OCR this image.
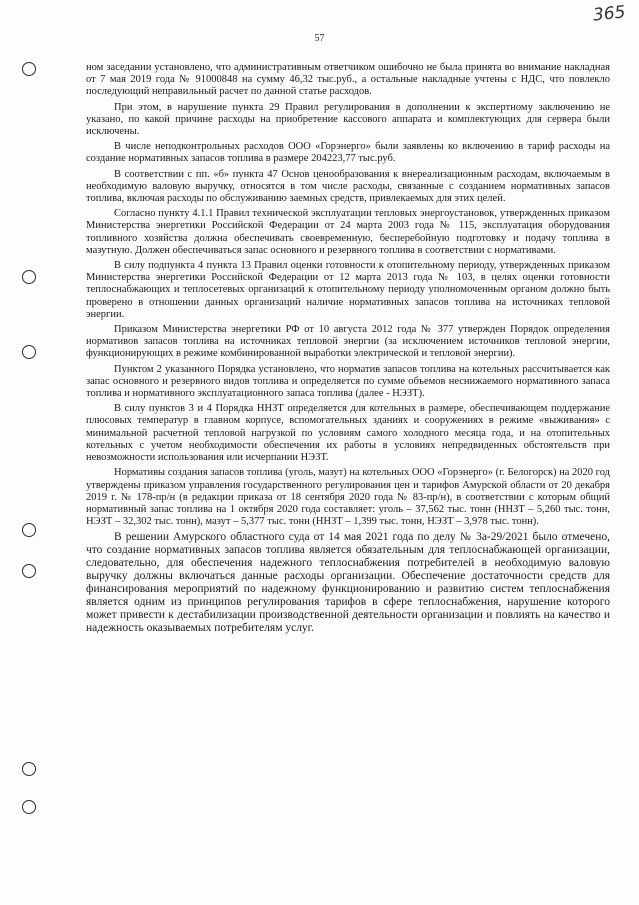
57
365

ном заседании установлено, что административным ответчиком ошибочно не была принята во внимание накладная от 7 мая 2019 года № 91000848 на сумму 46,32 тыс.руб., а остальные накладные учтены с НДС, что повлекло последующий неправильный расчет по данной статье расходов.

При этом, в нарушение пункта 29 Правил регулирования в дополнении к экспертному заключению не указано, по какой причине расходы на приобретение кассового аппарата и комплектующих для сервера были исключены.

В числе неподконтрольных расходов ООО «Горэнерго» были заявлены ко включению в тариф расходы на создание нормативных запасов топлива в размере 204223,77 тыс.руб.

В соответствии с пп. «б» пункта 47 Основ ценообразования к внереализационным расходам, включаемым в необходимую валовую выручку, относятся в том числе расходы, связанные с созданием нормативных запасов топлива, включая расходы по обслуживанию заемных средств, привлекаемых для этих целей.

Согласно пункту 4.1.1 Правил технической эксплуатации тепловых энергоустановок, утвержденных приказом Министерства энергетики Российской Федерации от 24 марта 2003 года № 115, эксплуатация оборудования топливного хозяйства должна обеспечивать своевременную, бесперебойную подготовку и подачу топлива в мазутную. Должен обеспечиваться запас основного и резервного топлива в соответствии с нормативами.

В силу подпункта 4 пункта 13 Правил оценки готовности к отопительному периоду, утвержденных приказом Министерства энергетики Российской Федерации от 12 марта 2013 года № 103, в целях оценки готовности теплоснабжающих и теплосетевых организаций к отопительному периоду уполномоченным органом должно быть проверено в отношении данных организаций наличие нормативных запасов топлива на источниках тепловой энергии.

Приказом Министерства энергетики РФ от 10 августа 2012 года № 377 утвержден Порядок определения нормативов запасов топлива на источниках тепловой энергии (за исключением источников тепловой энергии, функционирующих в режиме комбинированной выработки электрической и тепловой энергии).

Пунктом 2 указанного Порядка установлено, что норматив запасов топлива на котельных рассчитывается как запас основного и резервного видов топлива и определяется по сумме объемов неснижаемого нормативного запаса топлива и нормативного эксплуатационного запаса топлива (далее - НЭЗТ).

В силу пунктов 3 и 4 Порядка ННЗТ определяется для котельных в размере, обеспечивающем поддержание плюсовых температур в главном корпусе, вспомогательных зданиях и сооружениях в режиме «выживания» с минимальной расчетной тепловой нагрузкой по условиям самого холодного месяца года, и на отопительных котельных с учетом необходимости обеспечения их работы в условиях непредвиденных обстоятельств при невозможности использования или исчерпании НЭЗТ.

Нормативы создания запасов топлива (уголь, мазут) на котельных ООО «Горэнерго» (г. Белогорск) на 2020 год утверждены приказом управления государственного регулирования цен и тарифов Амурской области от 20 декабря 2019 г. № 178-пр/н (в редакции приказа от 18 сентября 2020 года № 83-пр/н), в соответствии с которым общий нормативный запас топлива на 1 октября 2020 года составляет: уголь – 37,562 тыс. тонн (ННЗТ – 5,260 тыс. тонн, НЭЗТ – 32,302 тыс. тонн), мазут – 5,377 тыс. тонн (ННЗТ – 1,399 тыс. тонн, НЭЗТ – 3,978 тыс. тонн).

В решении Амурского областного суда от 14 мая 2021 года по делу № 3а-29/2021 было отмечено, что создание нормативных запасов топлива является обязательным для теплоснабжающей организации, следовательно, для обеспечения надежного теплоснабжения потребителей в необходимую валовую выручку должны включаться данные расходы организации. Обеспечение достаточности средств для финансирования мероприятий по надежному функционированию и развитию систем теплоснабжения является одним из принципов регулирования тарифов в сфере теплоснабжения, нарушение которого может привести к дестабилизации производственной деятельности организации и повлиять на качество и надежность оказываемых потребителям услуг.
